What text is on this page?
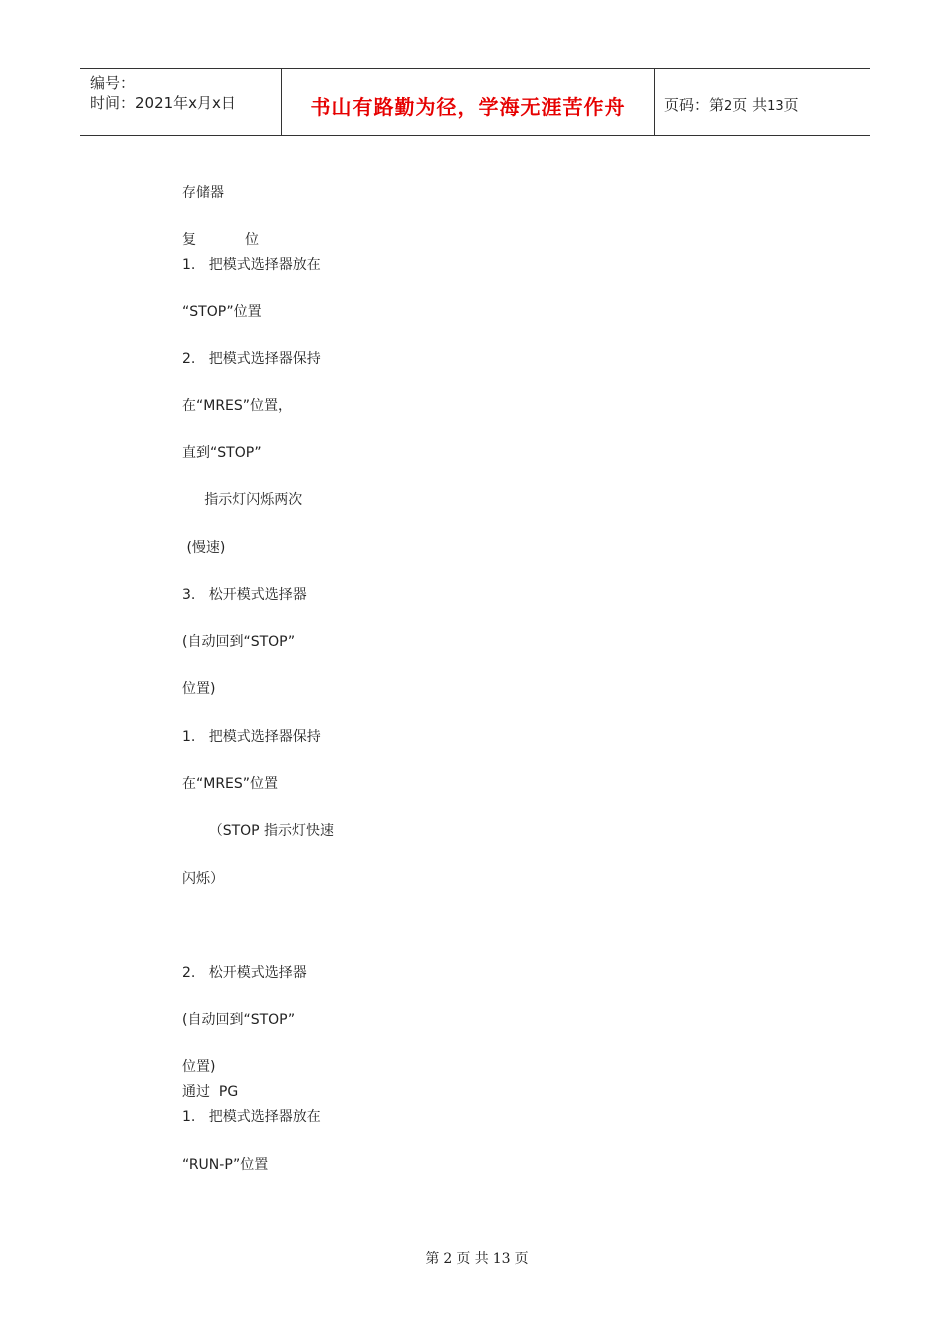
编号：
时间：2021年x月x日	书山有路勤为径，学海无涯苦作舟	页码：第2页 共13页
存储器
复           位
1.   把模式选择器放在
“STOP”位置
2.   把模式选择器保持
在“MRES”位置，
直到“STOP”
指示灯闪烁两次
(慢速)
3.   松开模式选择器
(自动回到“STOP”
位置)
1.   把模式选择器保持
在“MRES”位置
（STOP 指示灯快速
闪烁）
2.   松开模式选择器
(自动回到“STOP”
位置)
通过  PG
1.   把模式选择器放在
“RUN-P”位置
第 2 页 共 13 页
